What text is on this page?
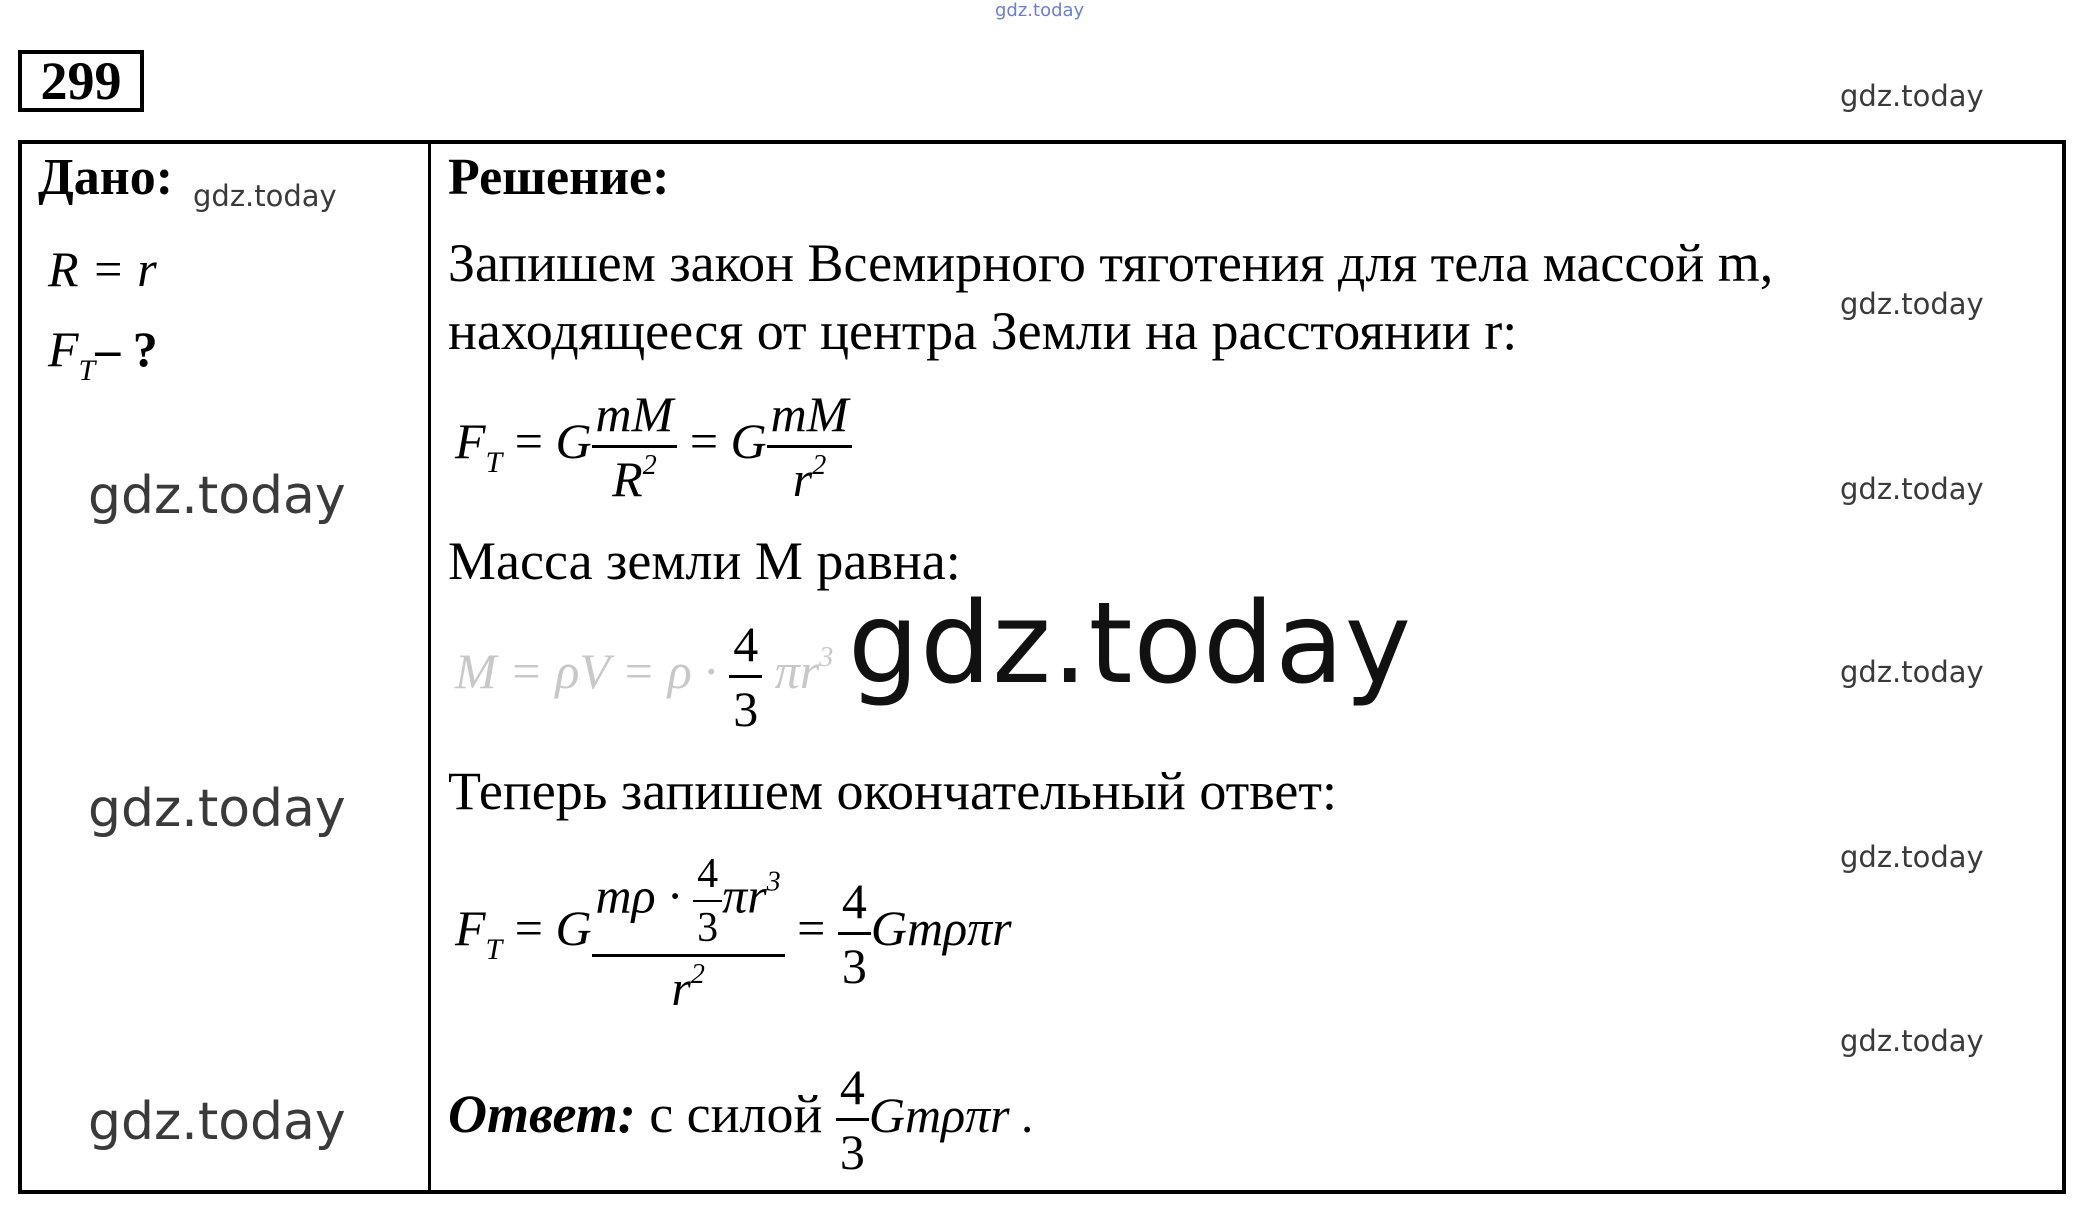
gdz.today
gdz.today
gdz.today
gdz.today
gdz.today
gdz.today
gdz.today
299
Дано: gdz.today
R = r
$F_T-$ ?
gdz.today
gdz.today
gdz.today
Решение:
Запишем закон Всемирного тяготения для тела массой m,
находящееся от центра Земли на расстоянии r:
$F_T = G \frac{mM}{R^2} = G \frac{mM}{r^2}$
Масса земли M равна:
$M = \rho V = \rho \cdot \frac{4}{3} \pi r^3$ gdz.today
Теперь запишем окончательный ответ:
$F_T = G \frac{m\rho \cdot \frac{4}{3} \pi r^3}{r^2} = \frac{4}{3}$ Gmρπr
Ответ: с силой $\frac{4}{3}$ Gmρπr .
